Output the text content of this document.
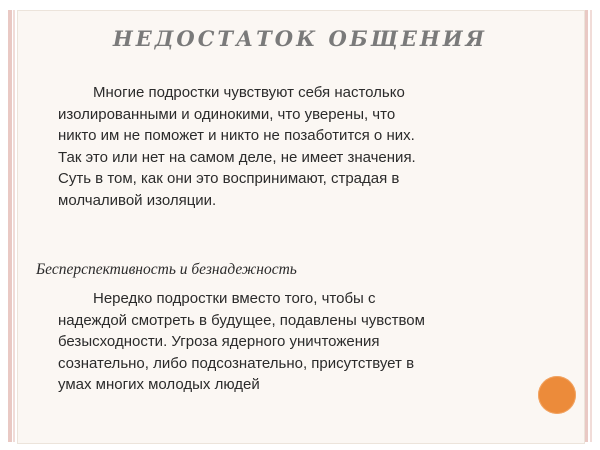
НЕДОСТАТОК ОБЩЕНИЯ

Многие подростки чувствуют себя настолько
изолированными и одинокими, что уверены, что
никто им не поможет и никто не позаботится о них.
Так это или нет на самом деле, не имеет значения.
Суть в том, как они это воспринимают, страдая в
молчаливой изоляции.

Бесперспективность и безнадежность

Нередко подростки вместо того, чтобы с
надеждой смотреть в будущее, подавлены чувством
безысходности. Угроза ядерного уничтожения
сознательно, либо подсознательно, присутствует в
умах многих молодых людей
